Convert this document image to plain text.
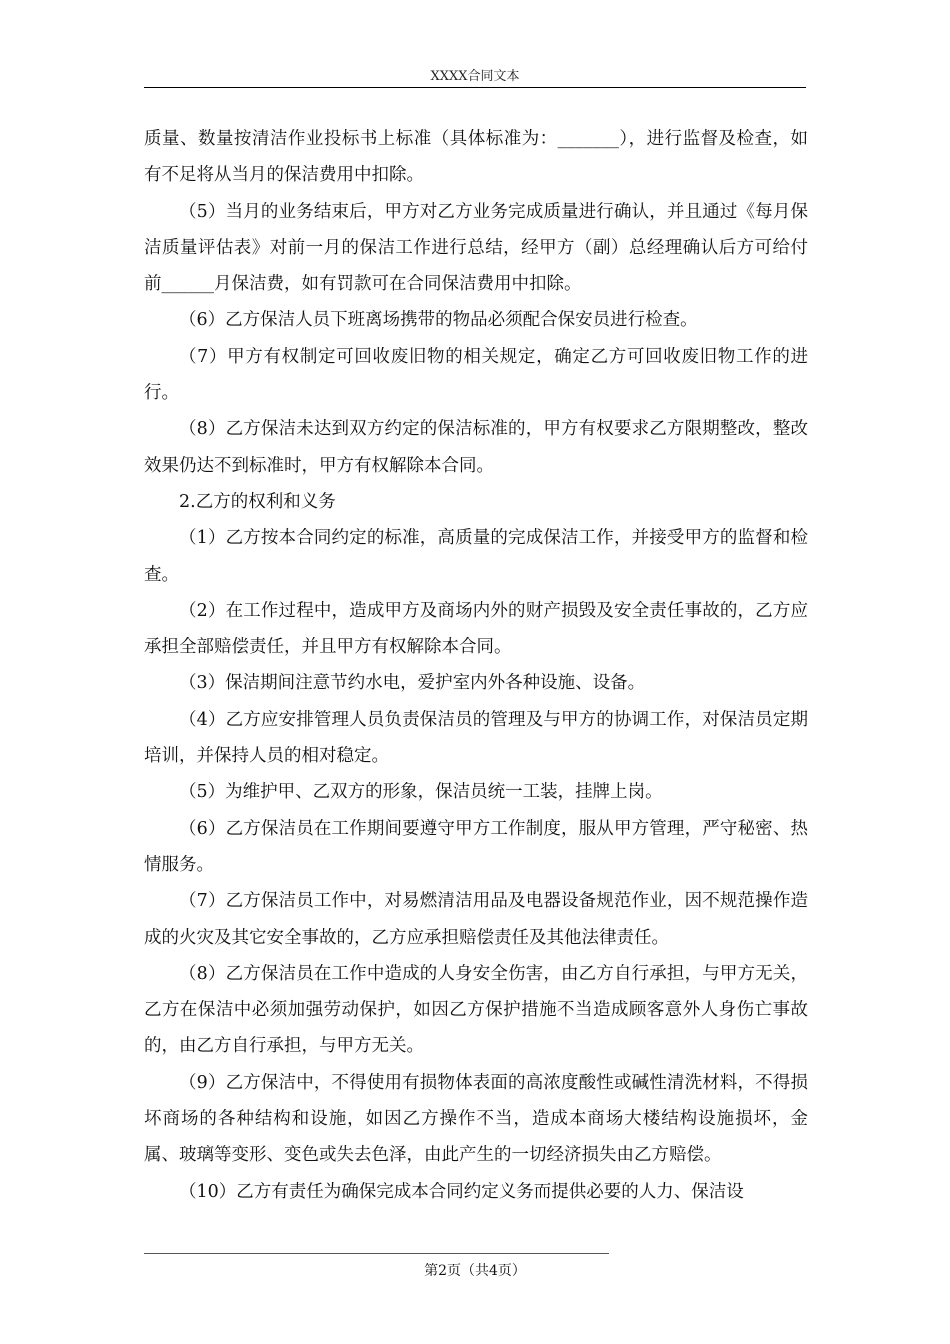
XXXX合同文本

质量、数量按清洁作业投标书上标准（具体标准为：_______），进行监督及检查，如有不足将从当月的保洁费用中扣除。

（5）当月的业务结束后，甲方对乙方业务完成质量进行确认，并且通过《每月保洁质量评估表》对前一月的保洁工作进行总结，经甲方（副）总经理确认后方可给付前______月保洁费，如有罚款可在合同保洁费用中扣除。

（6）乙方保洁人员下班离场携带的物品必须配合保安员进行检查。

（7）甲方有权制定可回收废旧物的相关规定，确定乙方可回收废旧物工作的进行。

（8）乙方保洁未达到双方约定的保洁标准的，甲方有权要求乙方限期整改，整改效果仍达不到标准时，甲方有权解除本合同。

2.乙方的权利和义务

（1）乙方按本合同约定的标准，高质量的完成保洁工作，并接受甲方的监督和检查。

（2）在工作过程中，造成甲方及商场内外的财产损毁及安全责任事故的，乙方应承担全部赔偿责任，并且甲方有权解除本合同。

（3）保洁期间注意节约水电，爱护室内外各种设施、设备。

（4）乙方应安排管理人员负责保洁员的管理及与甲方的协调工作，对保洁员定期培训，并保持人员的相对稳定。

（5）为维护甲、乙双方的形象，保洁员统一工装，挂牌上岗。

（6）乙方保洁员在工作期间要遵守甲方工作制度，服从甲方管理，严守秘密、热情服务。

（7）乙方保洁员工作中，对易燃清洁用品及电器设备规范作业，因不规范操作造成的火灾及其它安全事故的，乙方应承担赔偿责任及其他法律责任。

（8）乙方保洁员在工作中造成的人身安全伤害，由乙方自行承担，与甲方无关，乙方在保洁中必须加强劳动保护，如因乙方保护措施不当造成顾客意外人身伤亡事故的，由乙方自行承担，与甲方无关。

（9）乙方保洁中，不得使用有损物体表面的高浓度酸性或碱性清洗材料，不得损坏商场的各种结构和设施，如因乙方操作不当，造成本商场大楼结构设施损坏，金属、玻璃等变形、变色或失去色泽，由此产生的一切经济损失由乙方赔偿。

（10）乙方有责任为确保完成本合同约定义务而提供必要的人力、保洁设

第2页（共4页）
